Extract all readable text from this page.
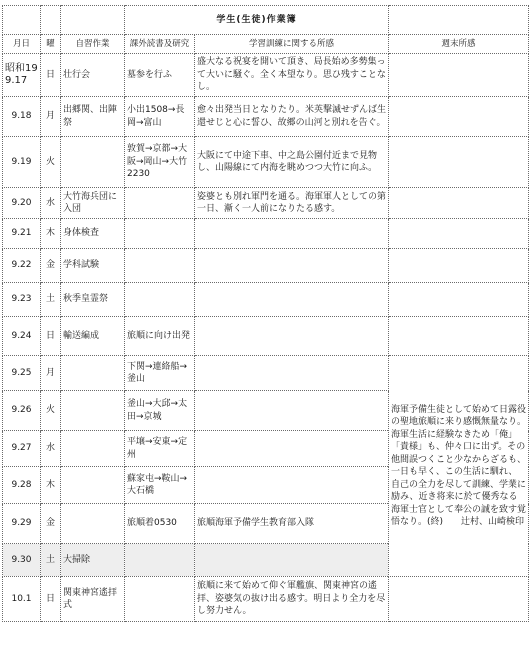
			学生(生徒)作業簿		
月日	曜	自習作業	課外読書及研究	学習訓練に関する所感	週末所感
昭和19 9.17	日	壮行会	墓参を行ふ	盛大なる祝宴を開いて頂き、局長始め多勢集って大いに騒ぐ。全く本望なり。思ひ残すことなし。	
9.18	月	出郷関、出陣祭	小出1508→長岡→富山	愈々出発当日となりたり。米英撃滅せずんば生還せじと心に誓ひ、故郷の山河と別れを告ぐ。	
9.19	火		敦賀→京都→大阪→岡山→大竹2230	大阪にて中途下車、中之島公園付近まで見物し、山陽線にて内海を眺めつつ大竹に向ふ。	
9.20	水	大竹海兵団に入団		姿婆とも別れ軍門を通る。海軍軍人としての第一日、漸く一人前になりたる感す。	
9.21	木	身体検査			
9.22	金	学科試験			
9.23	土	秋季皇霊祭			
9.24	日	輸送編成	旅順に向け出発		
9.25	月		下関→連絡船→釜山		海軍予備生徒として始めて日露役の聖地旅順に来り感慨無量なり。海軍生活に経験なきため「俺」「貴様」も、仲々口に出ず。その他間誤つくこと少なからざるも、一日も早く、この生活に馴れ、自己の全力を尽して訓練、学業に励み、近き将来に於て優秀なる海軍士官として奉公の誠を致す覚悟なり。(終)　　辻村、山崎検印
9.26	火		釜山→大邱→太田→京城		
9.27	水		平壌→安東→定州		
9.28	木		蘇家屯→鞍山→大石橋		
9.29	金		旅順着0530	旅順海軍予備学生教育部入隊	
9.30	土	大掃除			
10.1	日	関東神宮遙拝式		旅順に来て始めて仰ぐ軍艦旗、関東神宮の遙拝、姿婆気の抜け出る感す。明日より全力を尽し努力せん。	
